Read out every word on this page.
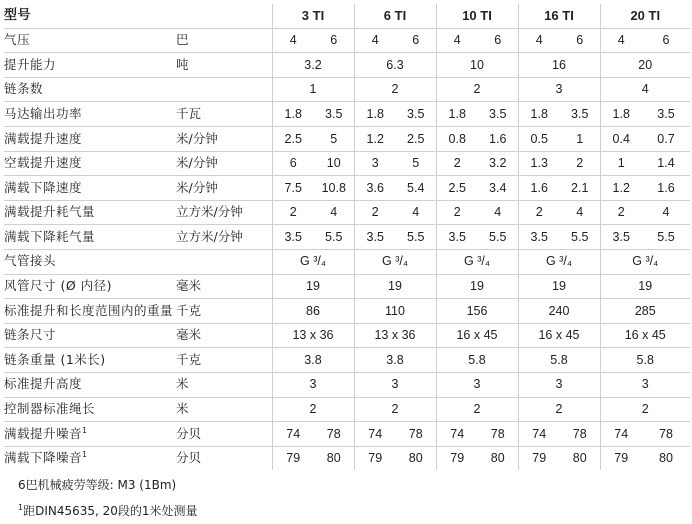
型号		3 TI		6 TI		10 TI		16 TI		20 TI	
气压	巴	4	6	4	6	4	6	4	6	4	6
提升能力	吨	3.2		6.3		10		16		20	
链条数		1		2		2		3		4	
马达输出功率	千瓦	1.8	3.5	1.8	3.5	1.8	3.5	1.8	3.5	1.8	3.5
满载提升速度	米/分钟	2.5	5	1.2	2.5	0.8	1.6	0.5	1	0.4	0.7
空载提升速度	米/分钟	6	10	3	5	2	3.2	1.3	2	1	1.4
满载下降速度	米/分钟	7.5	10.8	3.6	5.4	2.5	3.4	1.6	2.1	1.2	1.6
满载提升耗气量	立方米/分钟	2	4	2	4	2	4	2	4	2	4
满载下降耗气量	立方米/分钟	3.5	5.5	3.5	5.5	3.5	5.5	3.5	5.5	3.5	5.5
气管接头		G ³/₄		G ³/₄		G ³/₄		G ³/₄		G ³/₄	
风管尺寸 (Ø 内径)	毫米	19		19		19		19		19	
标准提升和长度范围内的重量	千克	86		110		156		240		285	
链条尺寸	毫米	13 x 36		13 x 36		16 x 45		16 x 45		16 x 45	
链条重量 (1米长)	千克	3.8		3.8		5.8		5.8		5.8	
标准提升高度	米	3		3		3		3		3	
控制器标准绳长	米	2		2		2		2		2	
满载提升噪音$^1$	分贝	74	78	74	78	74	78	74	78	74	78
满载下降噪音$^1$	分贝	79	80	79	80	79	80	79	80	79	80
6巴机械疲劳等级: M3 (1Bm)
$^1$距DIN45635, 20段的1米处测量
